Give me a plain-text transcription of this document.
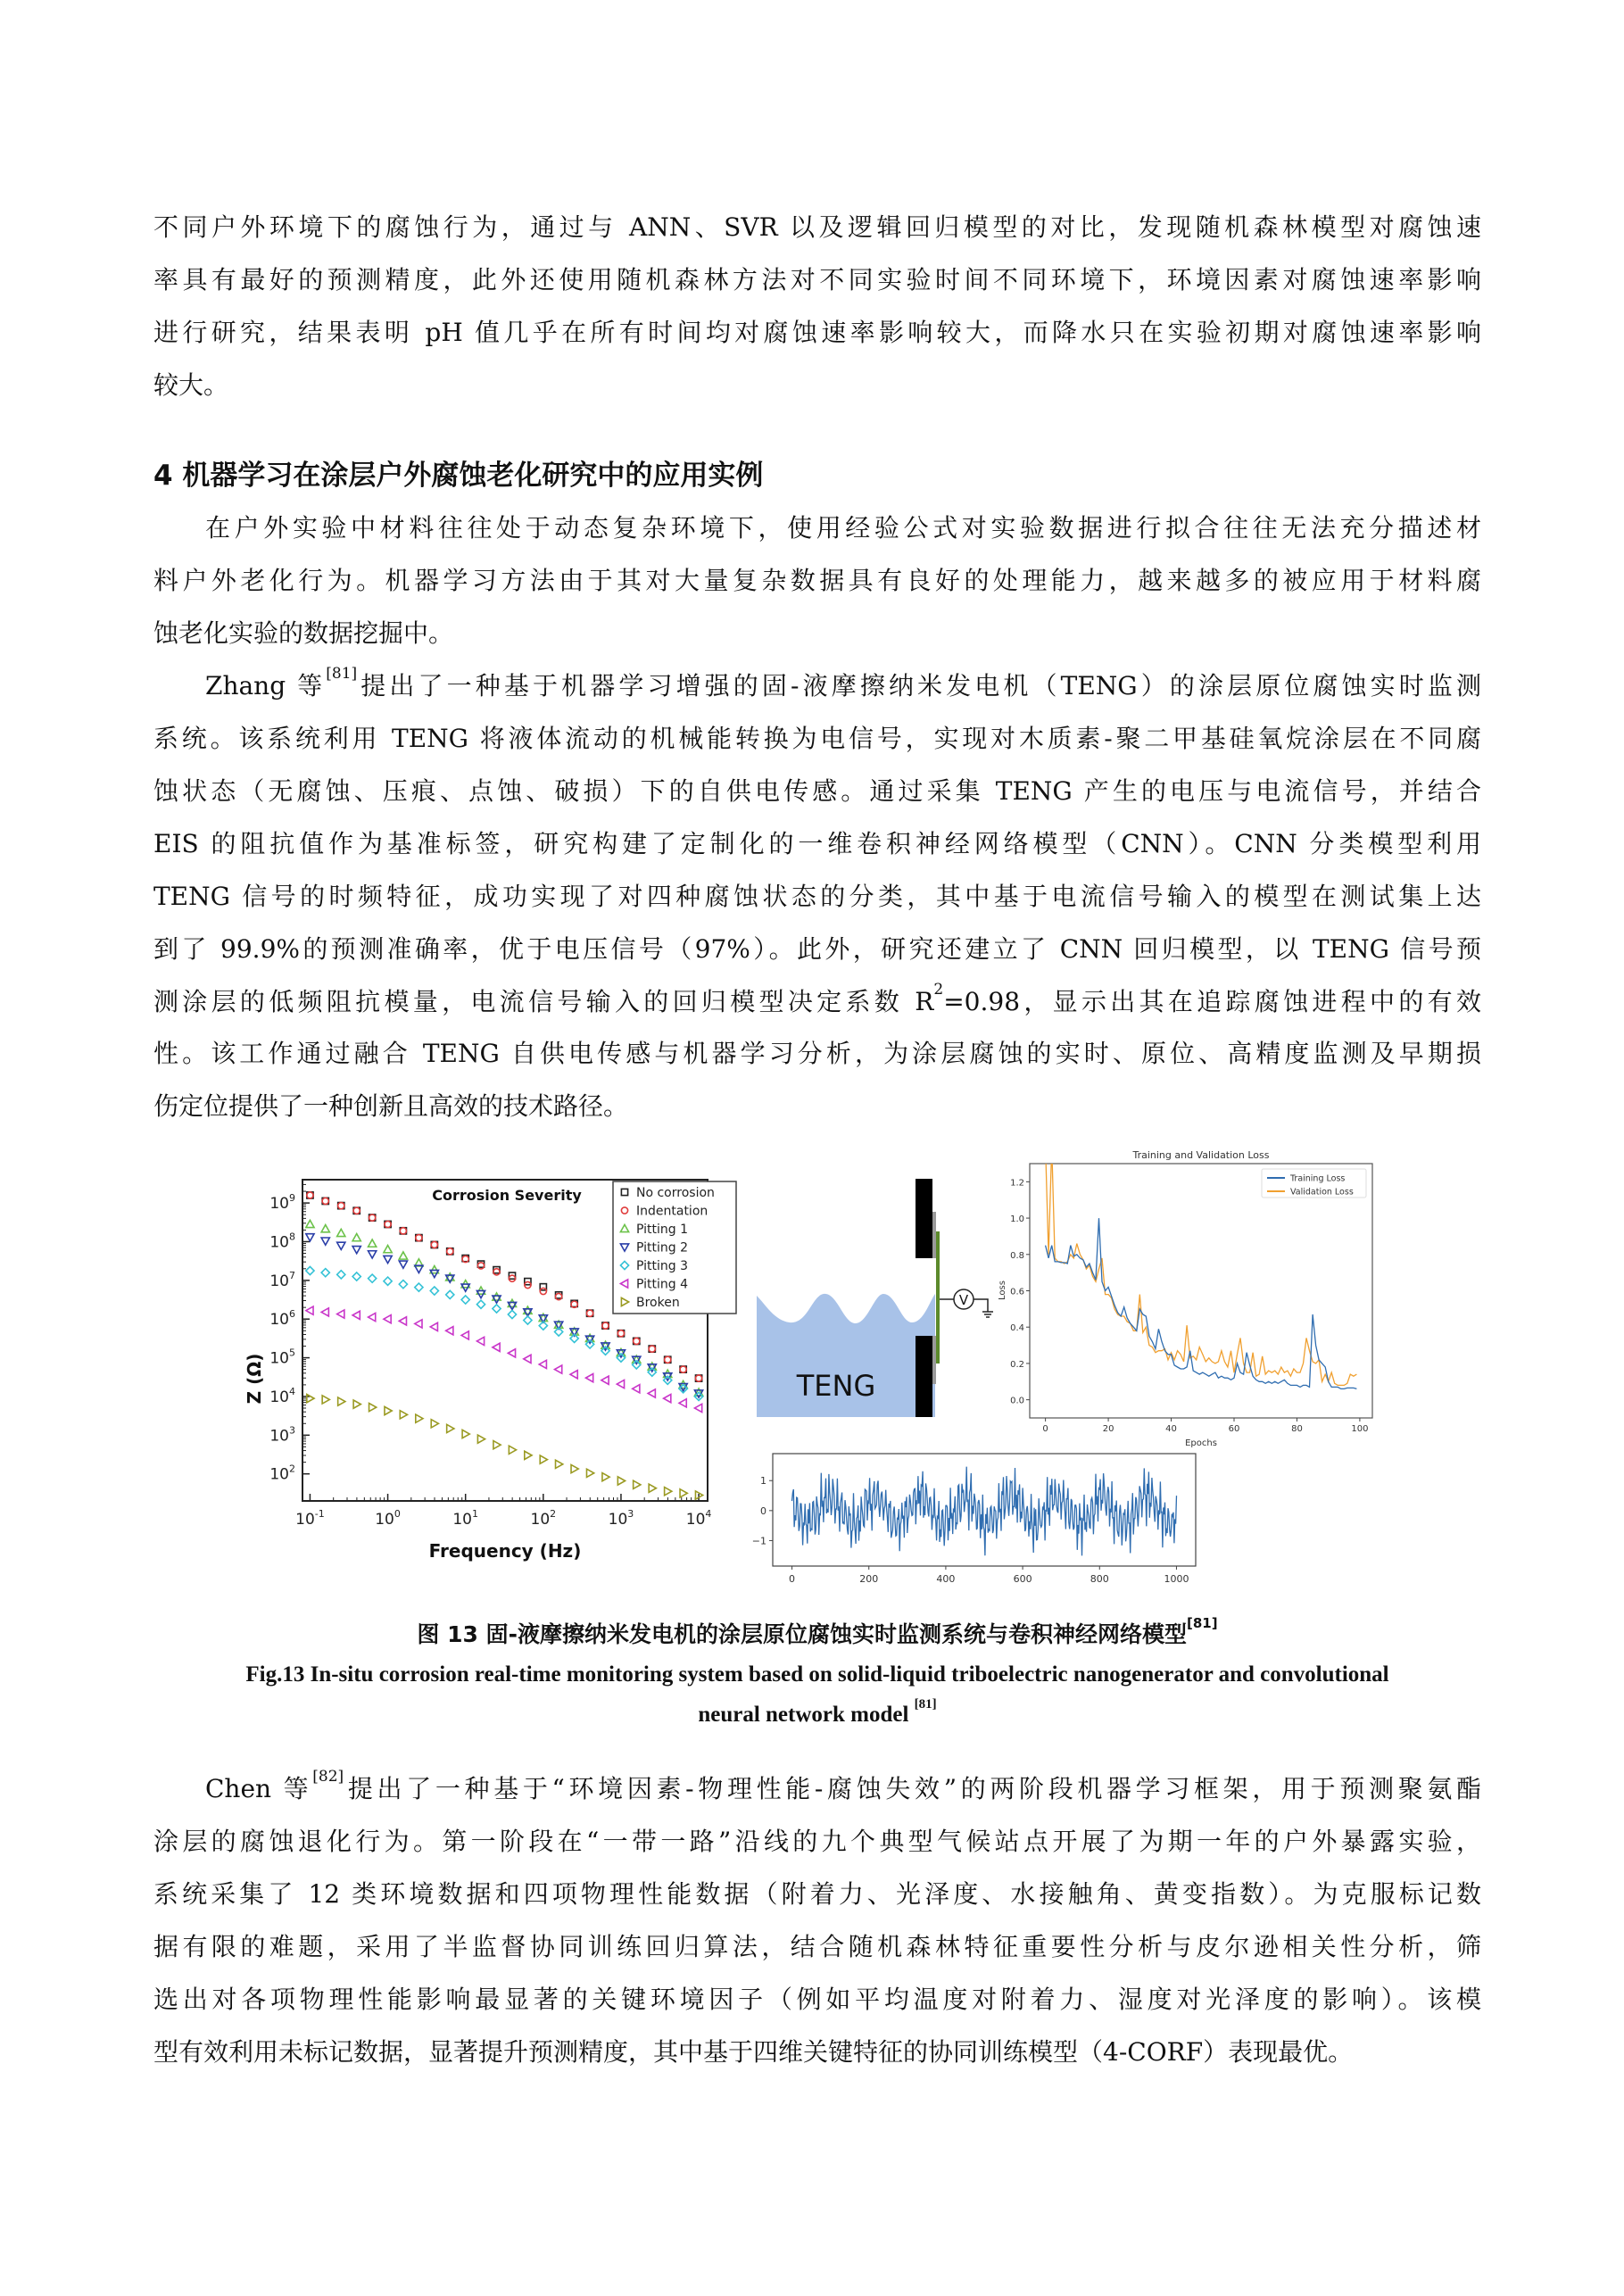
不同户外环境下的腐蚀行为，通过与 ANN、SVR 以及逻辑回归模型的对比，发现随机森林模型对腐蚀速
率具有最好的预测精度，此外还使用随机森林方法对不同实验时间不同环境下，环境因素对腐蚀速率影响
进行研究，结果表明 pH 值几乎在所有时间均对腐蚀速率影响较大，而降水只在实验初期对腐蚀速率影响
较大。
4 机器学习在涂层户外腐蚀老化研究中的应用实例
在户外实验中材料往往处于动态复杂环境下，使用经验公式对实验数据进行拟合往往无法充分描述材
料户外老化行为。机器学习方法由于其对大量复杂数据具有良好的处理能力，越来越多的被应用于材料腐
蚀老化实验的数据挖掘中。
Zhang 等[81]提出了一种基于机器学习增强的固-液摩擦纳米发电机（TENG）的涂层原位腐蚀实时监测
系统。该系统利用 TENG 将液体流动的机械能转换为电信号，实现对木质素-聚二甲基硅氧烷涂层在不同腐
蚀状态（无腐蚀、压痕、点蚀、破损）下的自供电传感。通过采集 TENG 产生的电压与电流信号，并结合
EIS 的阻抗值作为基准标签，研究构建了定制化的一维卷积神经网络模型（CNN）。CNN 分类模型利用
TENG 信号的时频特征，成功实现了对四种腐蚀状态的分类，其中基于电流信号输入的模型在测试集上达
到了 99.9%的预测准确率，优于电压信号（97%）。此外，研究还建立了 CNN 回归模型，以 TENG 信号预
测涂层的低频阻抗模量，电流信号输入的回归模型决定系数 $R^2=0.98$，显示出其在追踪腐蚀进程中的有效
性。该工作通过融合 TENG 自供电传感与机器学习分析，为涂层腐蚀的实时、原位、高精度监测及早期损
伤定位提供了一种创新且高效的技术路径。
$10^{-1}$	$10^0$	$10^1$	$10^2$	$10^3$	$10^4$
$10^2$
$10^3$
$10^4$
$10^5$
$10^6$
$10^7$
$10^8$
$10^9$	Corrosion Severity	No corrosion
Indentation
Pitting 1
Pitting 2
Pitting 3
Pitting 4
Broken
Frequency (Hz)
Z (Ω)
V
TENG
Training and Validation Loss
0	20	40	60	80	100
0.0
0.2
0.4
0.6
0.8
1.0
1.2	Training Loss
Validation Loss
Epochs
Loss
0	200	400	600	800	1000
−1
0
1
图 13 固-液摩擦纳米发电机的涂层原位腐蚀实时监测系统与卷积神经网络模型[81]
Fig.13 In-situ corrosion real-time monitoring system based on solid-liquid triboelectric nanogenerator and convolutional
neural network model [81]
Chen 等[82]提出了一种基于“环境因素-物理性能-腐蚀失效”的两阶段机器学习框架，用于预测聚氨酯
涂层的腐蚀退化行为。第一阶段在“一带一路”沿线的九个典型气候站点开展了为期一年的户外暴露实验，
系统采集了 12 类环境数据和四项物理性能数据（附着力、光泽度、水接触角、黄变指数）。为克服标记数
据有限的难题，采用了半监督协同训练回归算法，结合随机森林特征重要性分析与皮尔逊相关性分析，筛
选出对各项物理性能影响最显著的关键环境因子（例如平均温度对附着力、湿度对光泽度的影响）。该模
型有效利用未标记数据，显著提升预测精度，其中基于四维关键特征的协同训练模型（4-CORF）表现最优。
